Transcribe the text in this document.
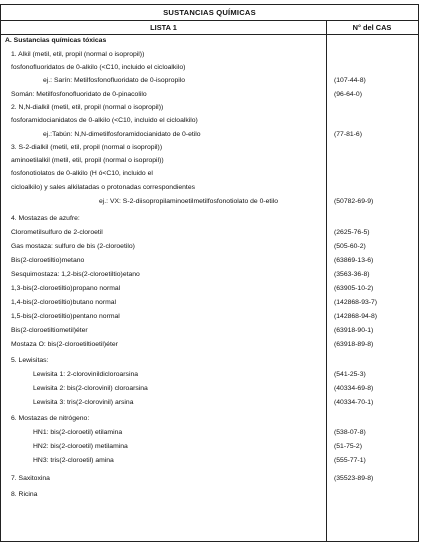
SUSTANCIAS QUÍMICAS
LISTA 1	N° del CAS
A. Sustancias químicas tóxicas
1. Alkil (metil, etil, propil (normal o isopropil))
fosfonofluoridatos de 0-alkilo (<C10, incluido el cicloalkilo)
ej.: Sarín: Metilfosfonofluoridato de 0-isopropilo	(107-44-8)
Somán: Metilfosfonofluoridato de 0-pinacolilo	(96-64-0)
2. N,N-dialkil (metil, etil, propil (normal o isopropil))
fosforamidocianidatos de 0-alkilo (<C10, incluido el cicloalkilo)
ej.:Tabún: N,N-dimetilfosforamidocianidato de 0-etilo	(77-81-6)
3. S-2-dialkil (metil, etil, propil (normal o isopropil))
aminoetilalkil (metil, etil, propil (normal o isopropil))
fosfonotiolatos de 0-alkilo (H ó<C10, incluido el
cicloalkilo) y sales alkilatadas o protonadas correspondientes
ej.: VX: S-2-diisopropilaminoetilmetilfosfonotiolato de 0-etilo	(50782-69-9)
4. Mostazas de azufre:
Clorometilsulfuro de 2-cloroetil	(2625-76-5)
Gas mostaza: sulfuro de bis (2-cloroetilo)	(505-60-2)
Bis(2-cloroetiltio)metano	(63869-13-6)
Sesquimostaza: 1,2-bis(2-cloroetiltio)etano	(3563-36-8)
1,3-bis(2-cloroetiltio)propano normal	(63905-10-2)
1,4-bis(2-cloroetiltio)butano normal	(142868-93-7)
1,5-bis(2-cloroetiltio)pentano normal	(142868-94-8)
Bis(2-cloroetiltiometil)éter	(63918-90-1)
Mostaza O: bis(2-cloroetiltioetil)éter	(63918-89-8)
5. Lewisitas:
Lewisita 1: 2-clorovinildicloroarsina	(541-25-3)
Lewisita 2: bis(2-clorovinil) cloroarsina	(40334-69-8)
Lewisita 3: tris(2-clorovinil) arsina	(40334-70-1)
6. Mostazas de nitrógeno:
HN1: bis(2-cloroetil) etilamina	(538-07-8)
HN2: bis(2-cloroetil) metilamina	(51-75-2)
HN3: tris(2-cloroetil) amina	(555-77-1)
7. Saxitoxina	(35523-89-8)
8. Ricina
